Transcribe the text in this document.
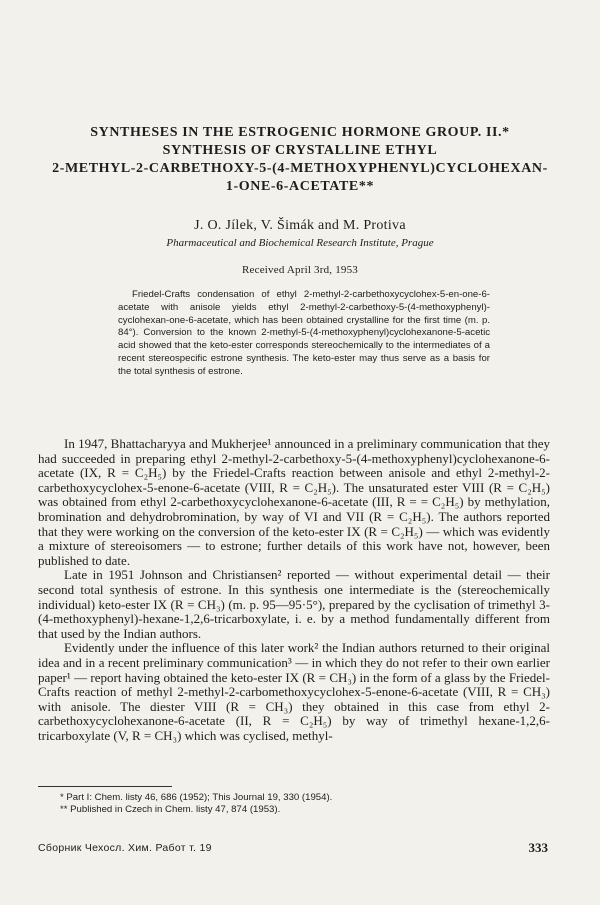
SYNTHESES IN THE ESTROGENIC HORMONE GROUP. II.*
SYNTHESIS OF CRYSTALLINE ETHYL
2-METHYL-2-CARBETHOXY-5-(4-METHOXYPHENYL)CYCLOHEXAN-
1-ONE-6-ACETATE**
J. O. Jílek, V. Šimák and M. Protiva
Pharmaceutical and Biochemical Research Institute, Prague
Received April 3rd, 1953

Friedel-Crafts condensation of ethyl 2-methyl-2-carbethoxycyclohex-5-en-one-6-acetate with anisole yields ethyl 2-methyl-2-carbethoxy-5-(4-methoxyphenyl)-cyclohexan-one-6-acetate, which has been obtained crystalline for the first time (m. p. 84°). Conversion to the known 2-methyl-5-(4-methoxyphenyl)cyclohexanone-5-acetic acid showed that the keto-ester corresponds stereochemically to the intermediates of a recent stereospecific estrone synthesis. The keto-ester may thus serve as a basis for the total synthesis of estrone.

In 1947, Bhattacharyya and Mukherjee¹ announced in a preliminary communication that they had succeeded in preparing ethyl 2-methyl-2-carbethoxy-5-(4-methoxyphenyl)cyclohexanone-6-acetate (IX, R = C₂H₅) by the Friedel-Crafts reaction between anisole and ethyl 2-methyl-2-carbethoxycyclohex-5-enone-6-acetate (VIII, R = C₂H₅). The unsaturated ester VIII (R = C₂H₅) was obtained from ethyl 2-carbethoxycyclohexanone-6-acetate (III, R = = C₂H₅) by methylation, bromination and dehydrobromination, by way of VI and VII (R = C₂H₅). The authors reported that they were working on the conversion of the keto-ester IX (R = C₂H₅) — which was evidently a mixture of stereoisomers — to estrone; further details of this work have not, however, been published to date.

Late in 1951 Johnson and Christiansen² reported — without experimental detail — their second total synthesis of estrone. In this synthesis one intermediate is the (stereochemically individual) keto-ester IX (R = CH₃) (m. p. 95—95·5°), prepared by the cyclisation of trimethyl 3-(4-methoxyphenyl)-hexane-1,2,6-tricarboxylate, i. e. by a method fundamentally different from that used by the Indian authors.

Evidently under the influence of this later work² the Indian authors returned to their original idea and in a recent preliminary communication³ — in which they do not refer to their own earlier paper¹ — report having obtained the keto-ester IX (R = CH₃) in the form of a glass by the Friedel-Crafts reaction of methyl 2-methyl-2-carbomethoxycyclohex-5-enone-6-acetate (VIII, R = CH₃) with anisole. The diester VIII (R = CH₃) they obtained in this case from ethyl 2-carbethoxycyclohexanone-6-acetate (II, R = C₂H₅) by way of trimethyl hexane-1,2,6-tricarboxylate (V, R = CH₃) which was cyclised, methyl-

* Part I: Chem. listy 46, 686 (1952); This Journal 19, 330 (1954).

** Published in Czech in Chem. listy 47, 874 (1953).

Сборник Чехосл. Хим. Работ т. 19	333
